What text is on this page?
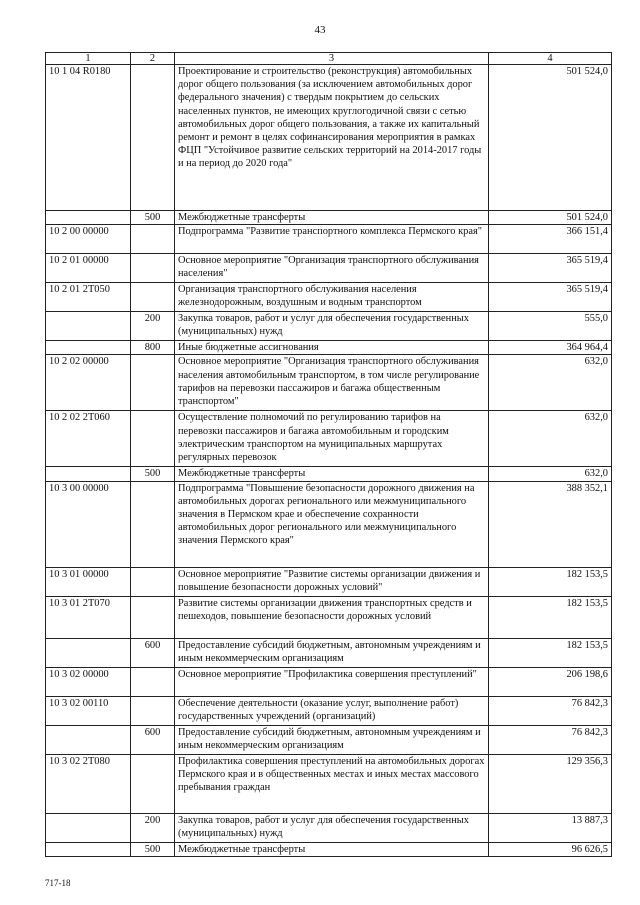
43
1	2	3	4
10 1 04 R0180		Проектирование и строительство (реконструкция) автомобильных дорог общего пользования (за исключением автомобильных дорог федерального значения) с твердым покрытием до сельских населенных пунктов, не имеющих круглогодичной связи с сетью автомобильных дорог общего пользования, а также их капитальный ремонт и ремонт в целях софинансирования мероприятия в рамках ФЦП "Устойчивое развитие сельских территорий на 2014-2017 годы и на период до 2020 года"	501 524,0
	500	Межбюджетные трансферты	501 524,0
10 2 00 00000		Подпрограмма "Развитие транспортного комплекса Пермского края"	366 151,4
10 2 01 00000		Основное мероприятие "Организация транспортного обслуживания населения"	365 519,4
10 2 01 2Т050		Организация транспортного обслуживания населения железнодорожным, воздушным и водным транспортом	365 519,4
	200	Закупка товаров, работ и услуг для обеспечения государственных (муниципальных) нужд	555,0
	800	Иные бюджетные ассигнования	364 964,4
10 2 02 00000		Основное мероприятие "Организация транспортного обслуживания населения автомобильным транспортом, в том числе регулирование тарифов на перевозки пассажиров и багажа общественным транспортом"	632,0
10 2 02 2Т060		Осуществление полномочий по регулированию тарифов на перевозки пассажиров и багажа автомобильным и городским электрическим транспортом на муниципальных маршрутах регулярных перевозок	632,0
	500	Межбюджетные трансферты	632,0
10 3 00 00000		Подпрограмма "Повышение безопасности дорожного движения на автомобильных дорогах регионального или межмуниципального значения в Пермском крае и обеспечение сохранности автомобильных дорог регионального или межмуниципального значения Пермского края"	388 352,1
10 3 01 00000		Основное мероприятие "Развитие системы организации движения и повышение безопасности дорожных условий"	182 153,5
10 3 01 2Т070		Развитие системы организации движения транспортных средств и пешеходов, повышение безопасности дорожных условий	182 153,5
	600	Предоставление субсидий бюджетным, автономным учреждениям и иным некоммерческим организациям	182 153,5
10 3 02 00000		Основное мероприятие "Профилактика совершения преступлений"	206 198,6
10 3 02 00110		Обеспечение деятельности (оказание услуг, выполнение работ) государственных учреждений (организаций)	76 842,3
	600	Предоставление субсидий бюджетным, автономным учреждениям и иным некоммерческим организациям	76 842,3
10 3 02 2Т080		Профилактика совершения преступлений на автомобильных дорогах Пермского края и в общественных местах и иных местах массового пребывания граждан	129 356,3
	200	Закупка товаров, работ и услуг для обеспечения государственных (муниципальных) нужд	13 887,3
	500	Межбюджетные трансферты	96 626,5
717-18
